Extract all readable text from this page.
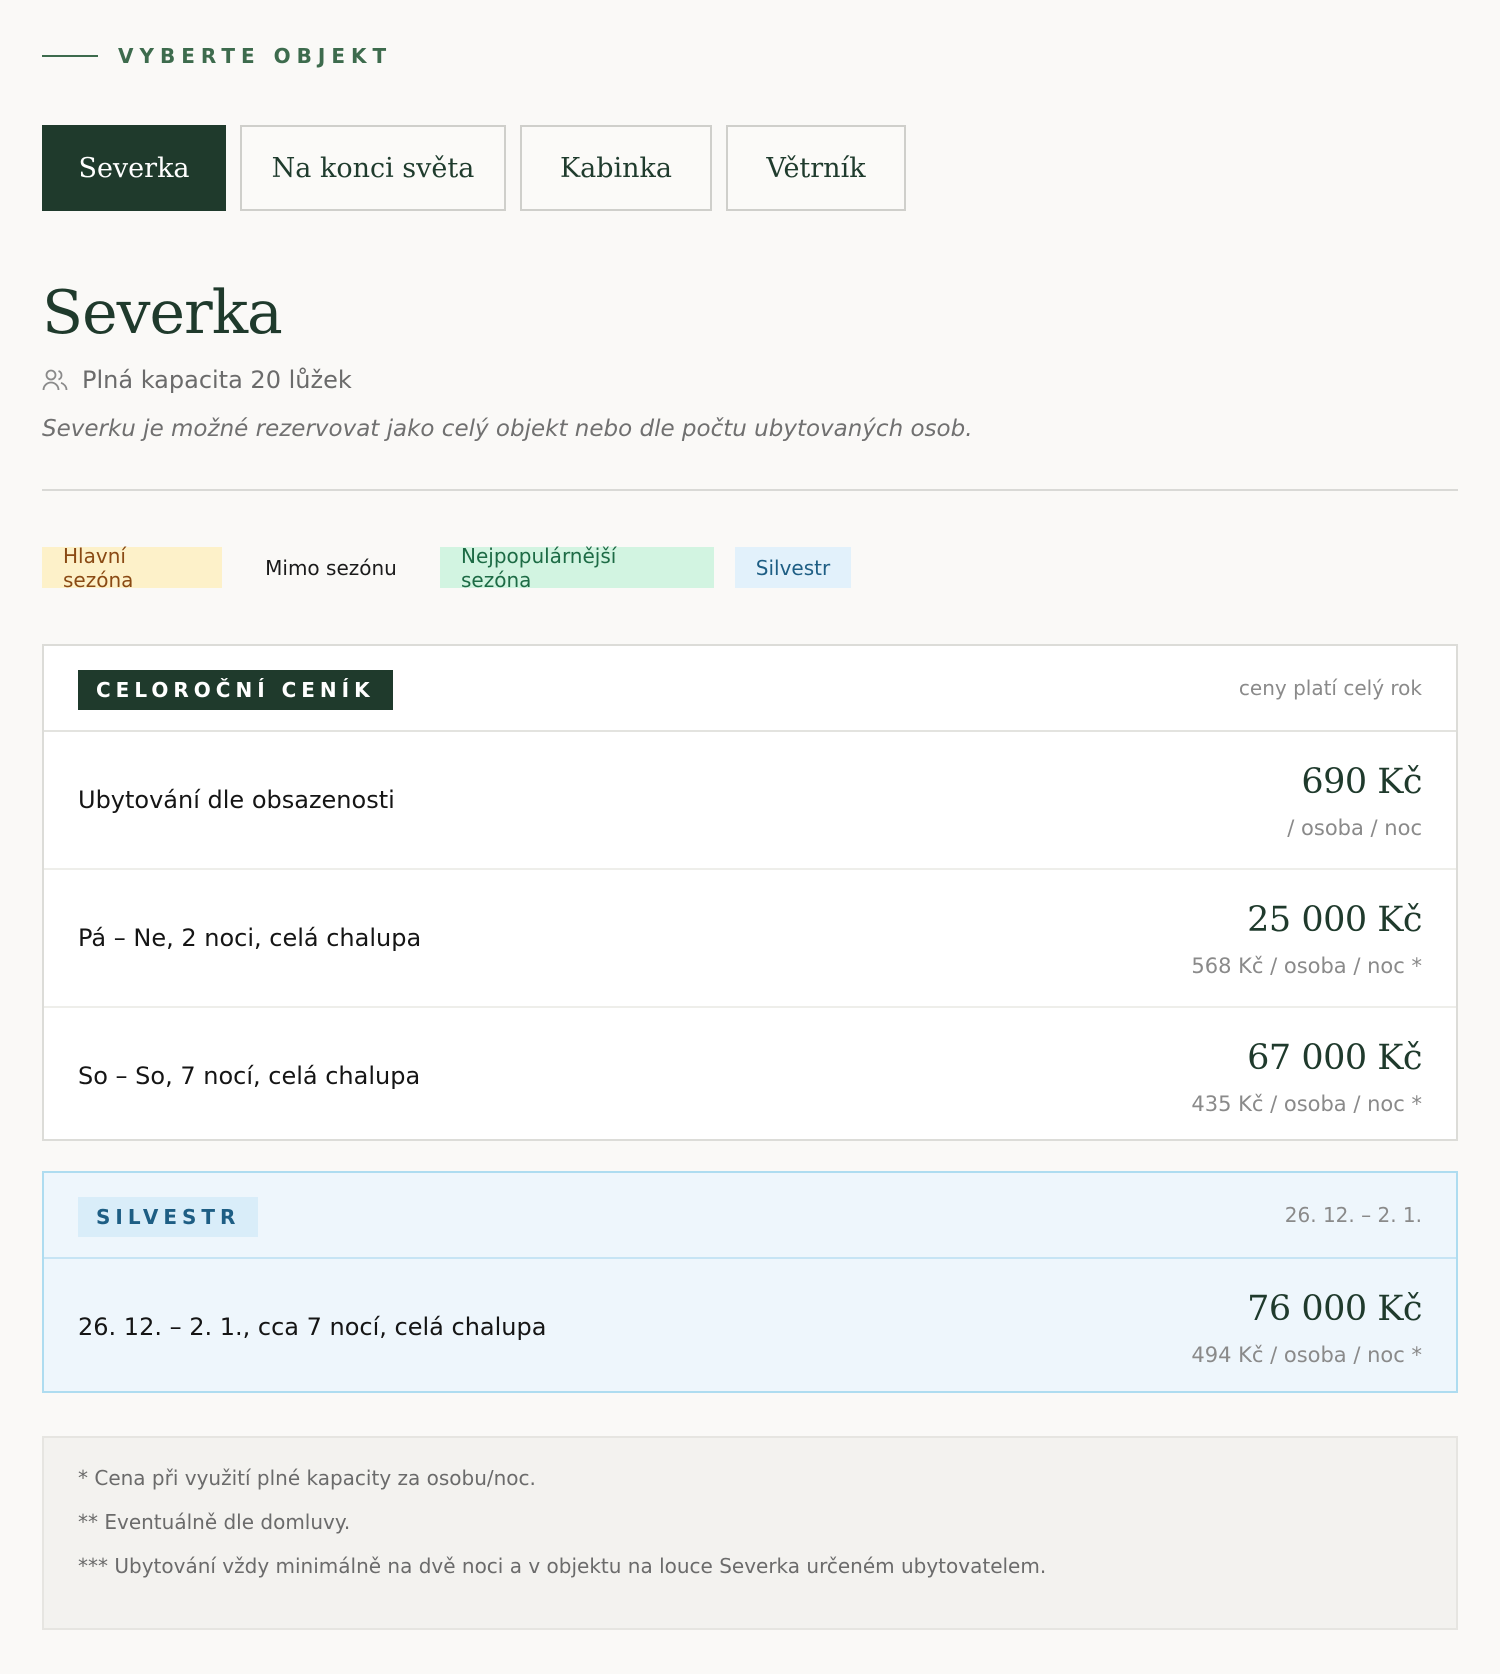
VYBERTE OBJEKT
Severka	Na konci světa	Kabinka	Větrník
Severka
Plná kapacita 20 lůžek

Severku je možné rezervovat jako celý objekt nebo dle počtu ubytovaných osob.

Hlavní sezóna	Mimo sezónu	Nejpopulárnější sezóna	Silvestr
CELOROČNÍ CENÍK	ceny platí celý rok
Ubytování dle obsazenosti	690 Kč
/ osoba / noc
Pá – Ne, 2 noci, celá chalupa	25 000 Kč
568 Kč / osoba / noc *
So – So, 7 nocí, celá chalupa	67 000 Kč
435 Kč / osoba / noc *
SILVESTR	26. 12. – 2. 1.
26. 12. – 2. 1., cca 7 nocí, celá chalupa	76 000 Kč
494 Kč / osoba / noc *

* Cena při využití plné kapacity za osobu/noc.

** Eventuálně dle domluvy.

*** Ubytování vždy minimálně na dvě noci a v objektu na louce Severka určeném ubytovatelem.
